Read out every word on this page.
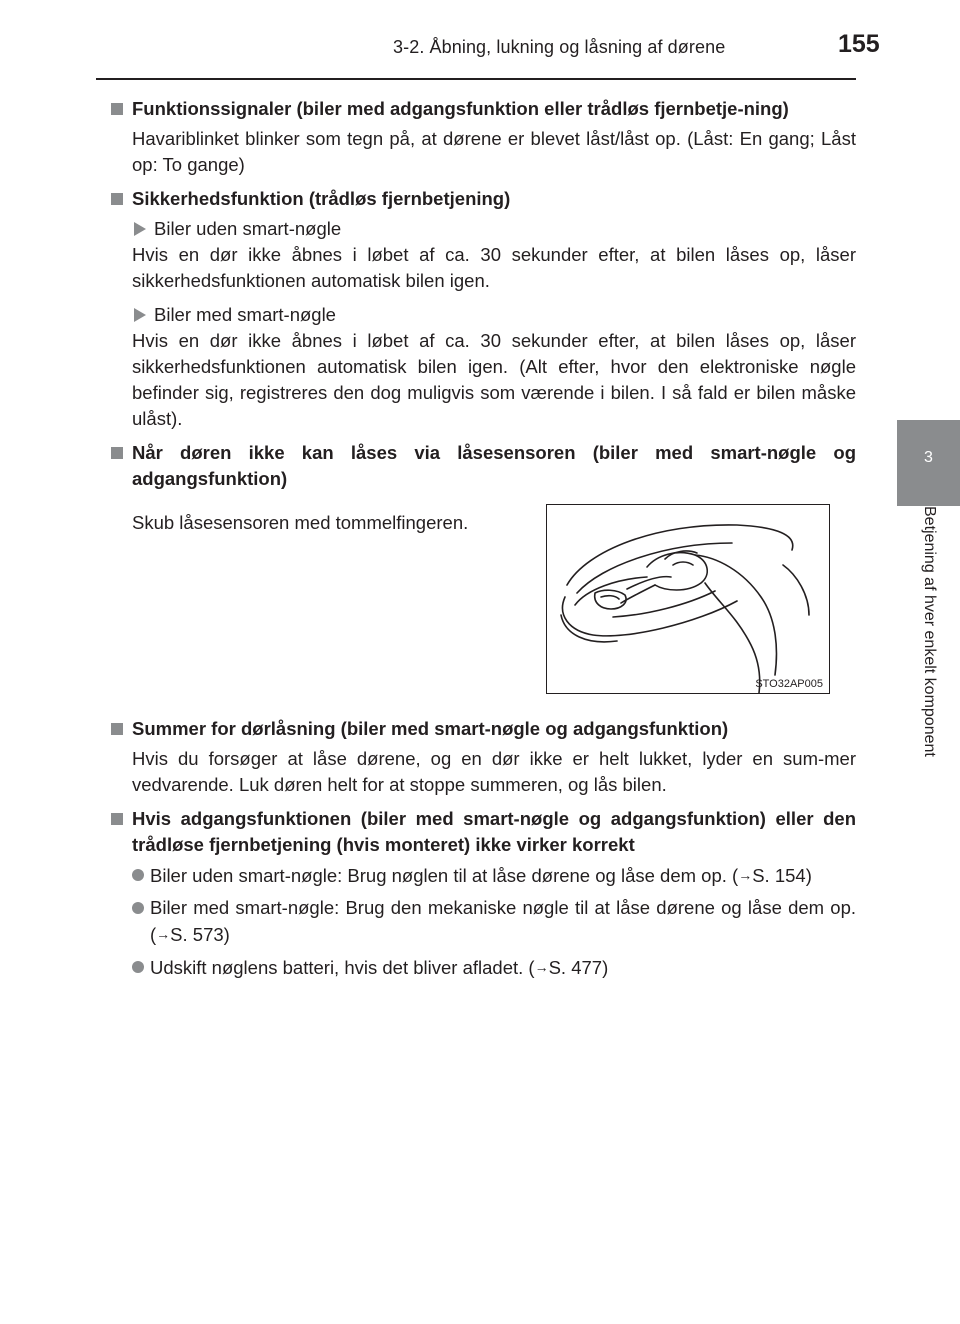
3-2. Åbning, lukning og låsning af dørene	155
3
Betjening af hver enkelt komponent
Funktionssignaler (biler med adgangsfunktion eller trådløs fjernbetje-ning)
Havariblinket blinker som tegn på, at dørene er blevet låst/låst op. (Låst: En gang; Låst op: To gange)
Sikkerhedsfunktion (trådløs fjernbetjening)
Biler uden smart-nøgle
Hvis en dør ikke åbnes i løbet af ca. 30 sekunder efter, at bilen låses op, låser sikkerhedsfunktionen automatisk bilen igen.
Biler med smart-nøgle
Hvis en dør ikke åbnes i løbet af ca. 30 sekunder efter, at bilen låses op, låser sikkerhedsfunktionen automatisk bilen igen. (Alt efter, hvor den elektroniske nøgle befinder sig, registreres den dog muligvis som værende i bilen. I så fald er bilen måske ulåst).
Når døren ikke kan låses via låsesensoren (biler med smart-nøgle og adgangsfunktion)
Skub låsesensoren med tommelfingeren.
STO32AP005
Summer for dørlåsning (biler med smart-nøgle og adgangsfunktion)
Hvis du forsøger at låse dørene, og en dør ikke er helt lukket, lyder en sum-mer vedvarende. Luk døren helt for at stoppe summeren, og lås bilen.
Hvis adgangsfunktionen (biler med smart-nøgle og adgangsfunktion) eller den trådløse fjernbetjening (hvis monteret) ikke virker korrekt
Biler uden smart-nøgle: Brug nøglen til at låse dørene og låse dem op. (→S. 154)
Biler med smart-nøgle: Brug den mekaniske nøgle til at låse dørene og låse dem op. (→S. 573)
Udskift nøglens batteri, hvis det bliver afladet. (→S. 477)
